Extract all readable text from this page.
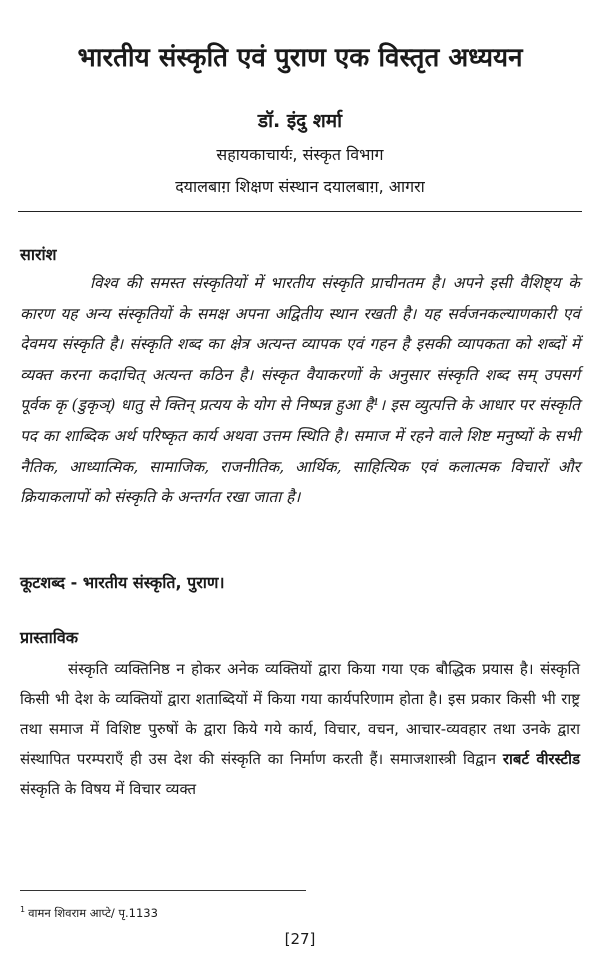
भारतीय संस्कृति एवं पुराण एक विस्तृत अध्ययन
डॉ. इंदु शर्मा
सहायकाचार्यः, संस्कृत विभाग
दयालबाग़ शिक्षण संस्थान दयालबाग़, आगरा
सारांश

विश्व की समस्त संस्कृतियों में भारतीय संस्कृति प्राचीनतम है। अपने इसी वैशिष्ट्य के कारण यह अन्य संस्कृतियों के समक्ष अपना अद्वितीय स्थान रखती है। यह सर्वजनकल्याणकारी एवं देवमय संस्कृति है। संस्कृति शब्द का क्षेत्र अत्यन्त व्यापक एवं गहन है इसकी व्यापकता को शब्दों में व्यक्त करना कदाचित् अत्यन्त कठिन है। संस्कृत वैयाकरणों के अनुसार संस्कृति शब्द सम् उपसर्ग पूर्वक कृ (डुकृञ्) धातु से क्तिन् प्रत्यय के योग से निष्पन्न हुआ है¹। इस व्युत्पत्ति के आधार पर संस्कृति पद का शाब्दिक अर्थ परिष्कृत कार्य अथवा उत्तम स्थिति है। समाज में रहने वाले शिष्ट मनुष्यों के सभी नैतिक, आध्यात्मिक, सामाजिक, राजनीतिक, आर्थिक, साहित्यिक एवं कलात्मक विचारों और क्रियाकलापों को संस्कृति के अन्तर्गत रखा जाता है।

कूटशब्द - भारतीय संस्कृति, पुराण।
प्रास्ताविक

संस्कृति व्यक्तिनिष्ठ न होकर अनेक व्यक्तियों द्वारा किया गया एक बौद्धिक प्रयास है। संस्कृति किसी भी देश के व्यक्तियों द्वारा शताब्दियों में किया गया कार्यपरिणाम होता है। इस प्रकार किसी भी राष्ट्र तथा समाज में विशिष्ट पुरुषों के द्वारा किये गये कार्य, विचार, वचन, आचार-व्यवहार तथा उनके द्वारा संस्थापित परम्पराएँ ही उस देश की संस्कृति का निर्माण करती हैं। समाजशास्त्री विद्वान राबर्ट वीरस्टीड संस्कृति के विषय में विचार व्यक्त

$^1$ वामन शिवराम आप्टे/ पृ.1133
[27]
